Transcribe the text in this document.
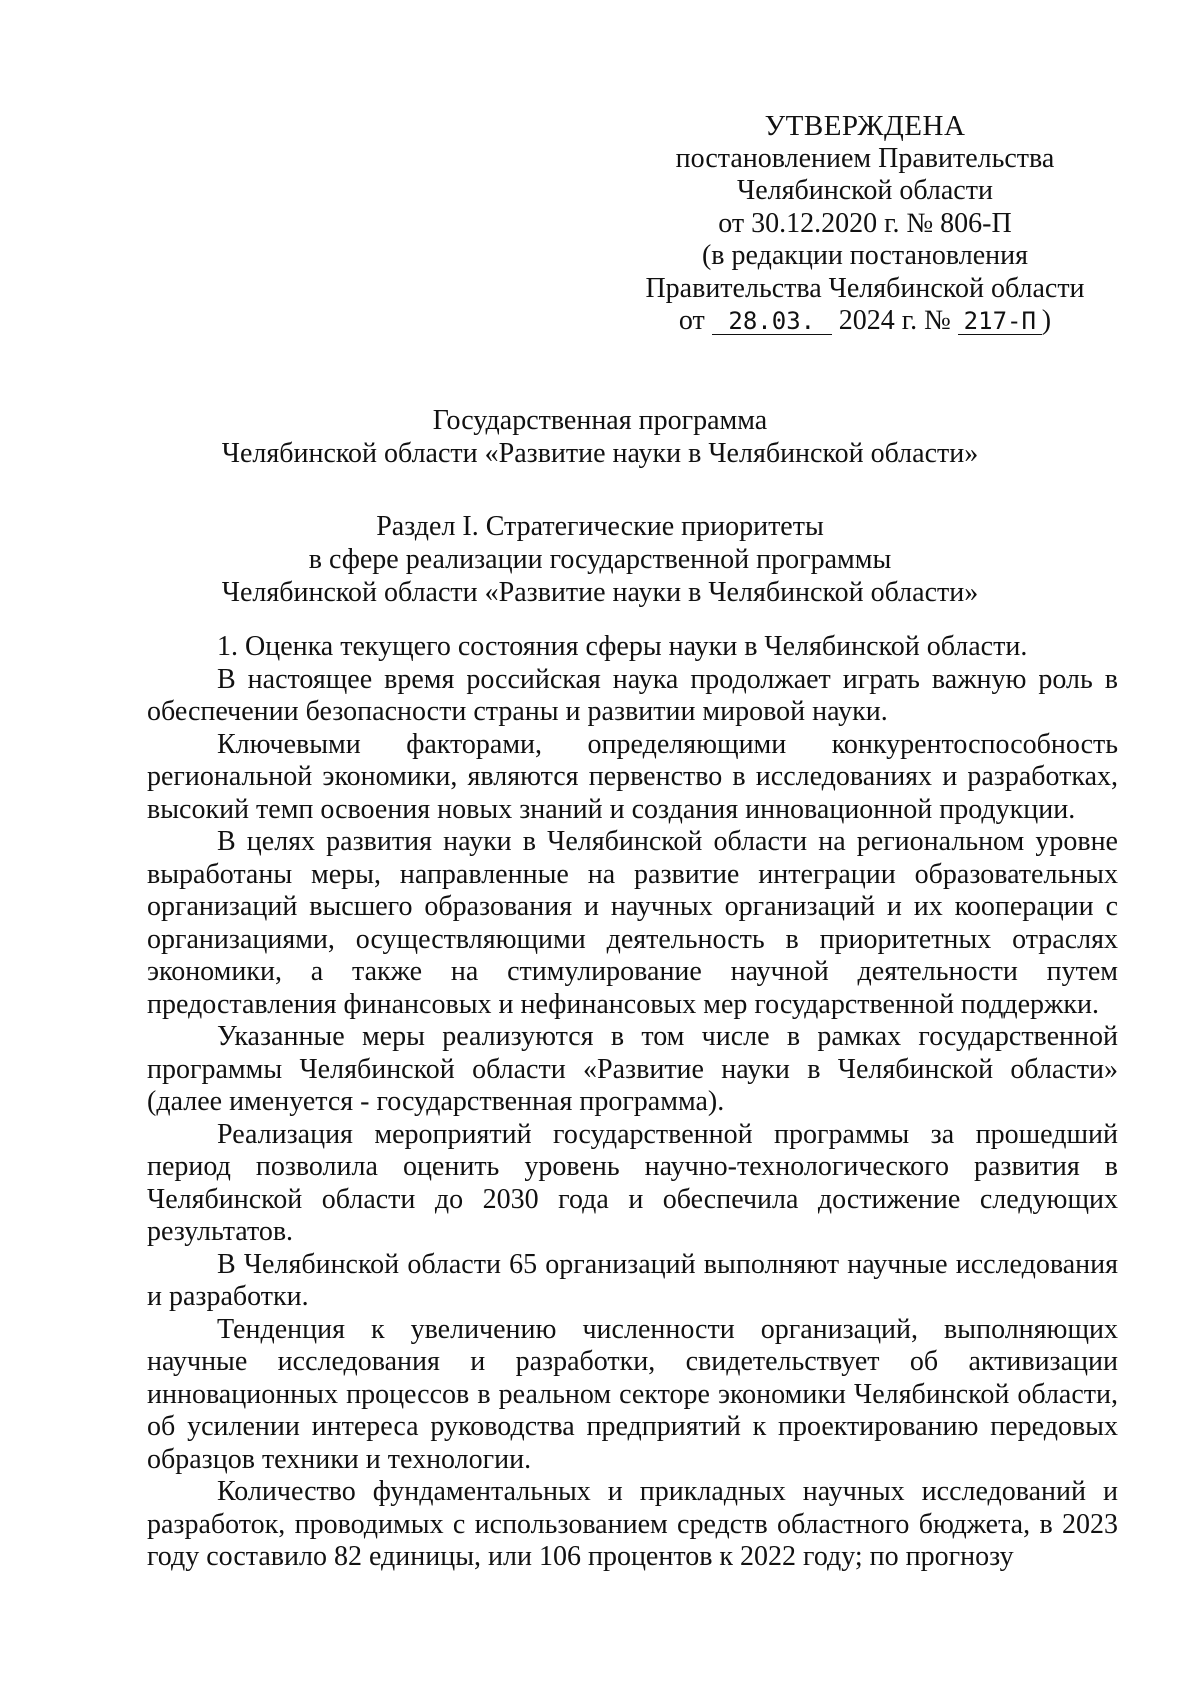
УТВЕРЖДЕНА
постановлением Правительства
Челябинской области
от 30.12.2020 г. № 806-П
(в редакции постановления
Правительства Челябинской области
от 28.03. 2024 г. № 217-П )
Государственная программа
Челябинской области «Развитие науки в Челябинской области»
Раздел I. Стратегические приоритеты
в сфере реализации государственной программы
Челябинской области «Развитие науки в Челябинской области»

1. Оценка текущего состояния сферы науки в Челябинской области.

В настоящее время российская наука продолжает играть важную роль в обеспечении безопасности страны и развитии мировой науки.

Ключевыми факторами, определяющими конкурентоспособность региональной экономики, являются первенство в исследованиях и разработках, высокий темп освоения новых знаний и создания инновационной продукции.

В целях развития науки в Челябинской области на региональном уровне выработаны меры, направленные на развитие интеграции образовательных организаций высшего образования и научных организаций и их кооперации с организациями, осуществляющими деятельность в приоритетных отраслях экономики, а также на стимулирование научной деятельности путем предоставления финансовых и нефинансовых мер государственной поддержки.

Указанные меры реализуются в том числе в рамках государственной программы Челябинской области «Развитие науки в Челябинской области» (далее именуется - государственная программа).

Реализация мероприятий государственной программы за прошедший период позволила оценить уровень научно-технологического развития в Челябинской области до 2030 года и обеспечила достижение следующих результатов.

В Челябинской области 65 организаций выполняют научные исследования и разработки.

Тенденция к увеличению численности организаций, выполняющих научные исследования и разработки, свидетельствует об активизации инновационных процессов в реальном секторе экономики Челябинской области, об усилении интереса руководства предприятий к проектированию передовых образцов техники и технологии.

Количество фундаментальных и прикладных научных исследований и разработок, проводимых с использованием средств областного бюджета, в 2023 году составило 82 единицы, или 106 процентов к 2022 году; по прогнозу
